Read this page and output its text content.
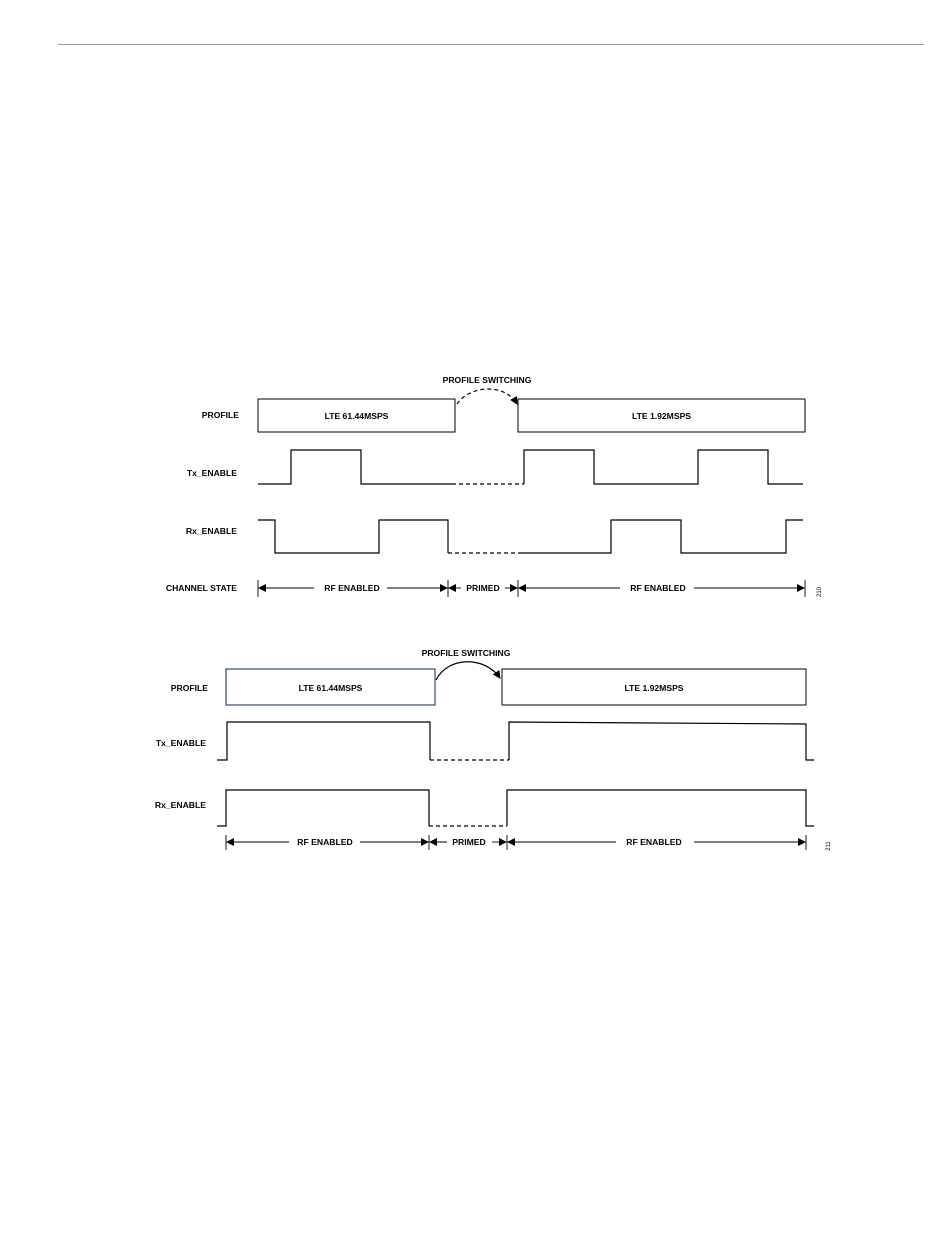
PROFILE SWITCHING
PROFILE	LTE 61.44MSPS	LTE 1.92MSPS
Tx_ENABLE
Rx_ENABLE
CHANNEL STATE	RF ENABLED	PRIMED	RF ENABLED	210
PROFILE SWITCHING
PROFILE	LTE 61.44MSPS	LTE 1.92MSPS
Tx_ENABLE
Rx_ENABLE
RF ENABLED	PRIMED	RF ENABLED	211
